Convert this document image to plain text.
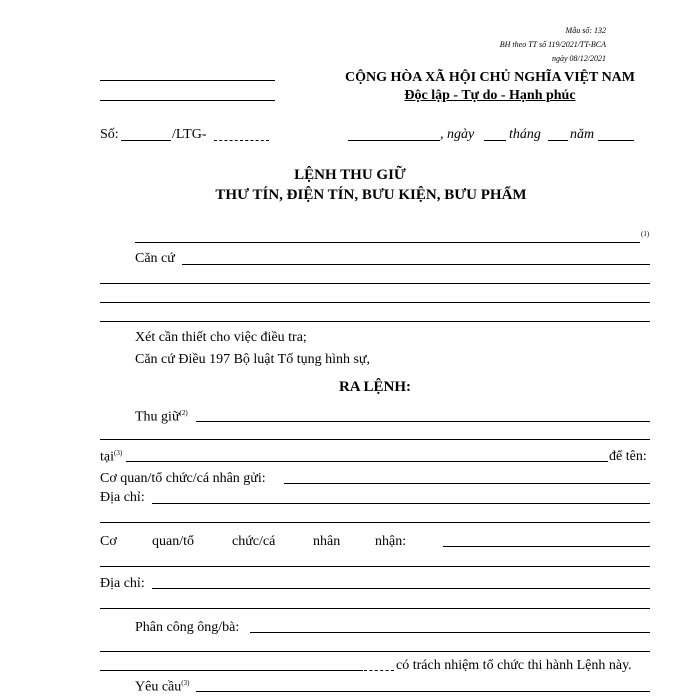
Mẫu số: 132
BH theo TT số 119/2021/TT-BCA
ngày 08/12/2021
CỘNG HÒA XÃ HỘI CHỦ NGHĨA VIỆT NAM
Độc lập - Tự do - Hạnh phúc
Số:	/LTG-	, ngày tháng năm
LỆNH THU GIỮ
THƯ TÍN, ĐIỆN TÍN, BƯU KIỆN, BƯU PHẨM
(1)
Căn cứ
Xét cần thiết cho việc điều tra;
Căn cứ Điều 197 Bộ luật Tố tụng hình sự,
RA LỆNH:
Thu giữ$^{(2)}$
tại$^{(3)}$	để tên:
Cơ quan/tổ chức/cá nhân gửi:
Địa chỉ:
Cơ	quan/tổ	chức/cá	nhân nhận:
Địa chỉ:
Phân công ông/bà:
có trách nhiệm tổ chức thi hành Lệnh này.
Yêu cầu$^{(3)}$
